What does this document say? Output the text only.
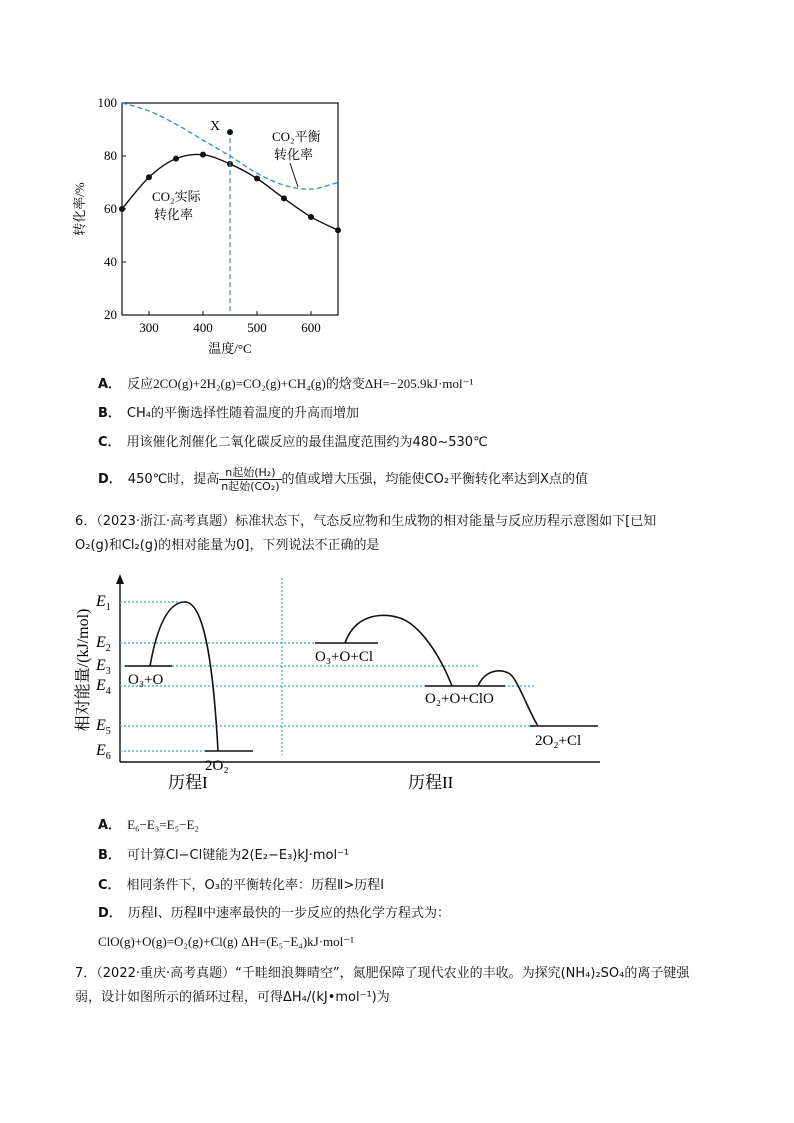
300	400	500	600
20
40
60
80
100
温度/°C
转化率/%
X
CO₂实际
转化率
CO₂平衡
转化率
A． 反应2CO(g)+2H₂(g)=CO₂(g)+CH₄(g)的焓变ΔH=−205.9kJ·mol⁻¹
B． CH₄的平衡选择性随着温度的升高而增加
C． 用该催化剂催化二氧化碳反应的最佳温度范围约为480~530℃
D． 450℃时，提高 $\frac{\text{n起始(H₂)}}{\text{n起始(CO₂)}}$ 的值或增大压强，均能使CO₂平衡转化率达到X点的值
6．（2023·浙江·高考真题）标准状态下，气态反应物和生成物的相对能量与反应历程示意图如下[已知
O₂(g)和Cl₂(g)的相对能量为0]，下列说法不正确的是
相对能量/(kJ/mol)
$E_1$
$E_2$
$E_3$
$E_4$
$E_5$
$E_6$
O₃+O
2O₂
O₃+O+Cl
O₂+O+ClO
2O₂+Cl
历程I	历程II
A． E₆−E₃=E₅−E₂
B． 可计算Cl−Cl键能为2(E₂−E₃)kJ·mol⁻¹
C． 相同条件下，O₃的平衡转化率：历程Ⅱ>历程Ⅰ
D． 历程Ⅰ、历程Ⅱ中速率最快的一步反应的热化学方程式为：
ClO(g)+O(g)=O₂(g)+Cl(g) ΔH=(E₅−E₄)kJ·mol⁻¹
7．（2022·重庆·高考真题）“千畦细浪舞晴空”，氮肥保障了现代农业的丰收。为探究(NH₄)₂SO₄的离子键强
弱，设计如图所示的循环过程，可得ΔH₄/(kJ•mol⁻¹)为
